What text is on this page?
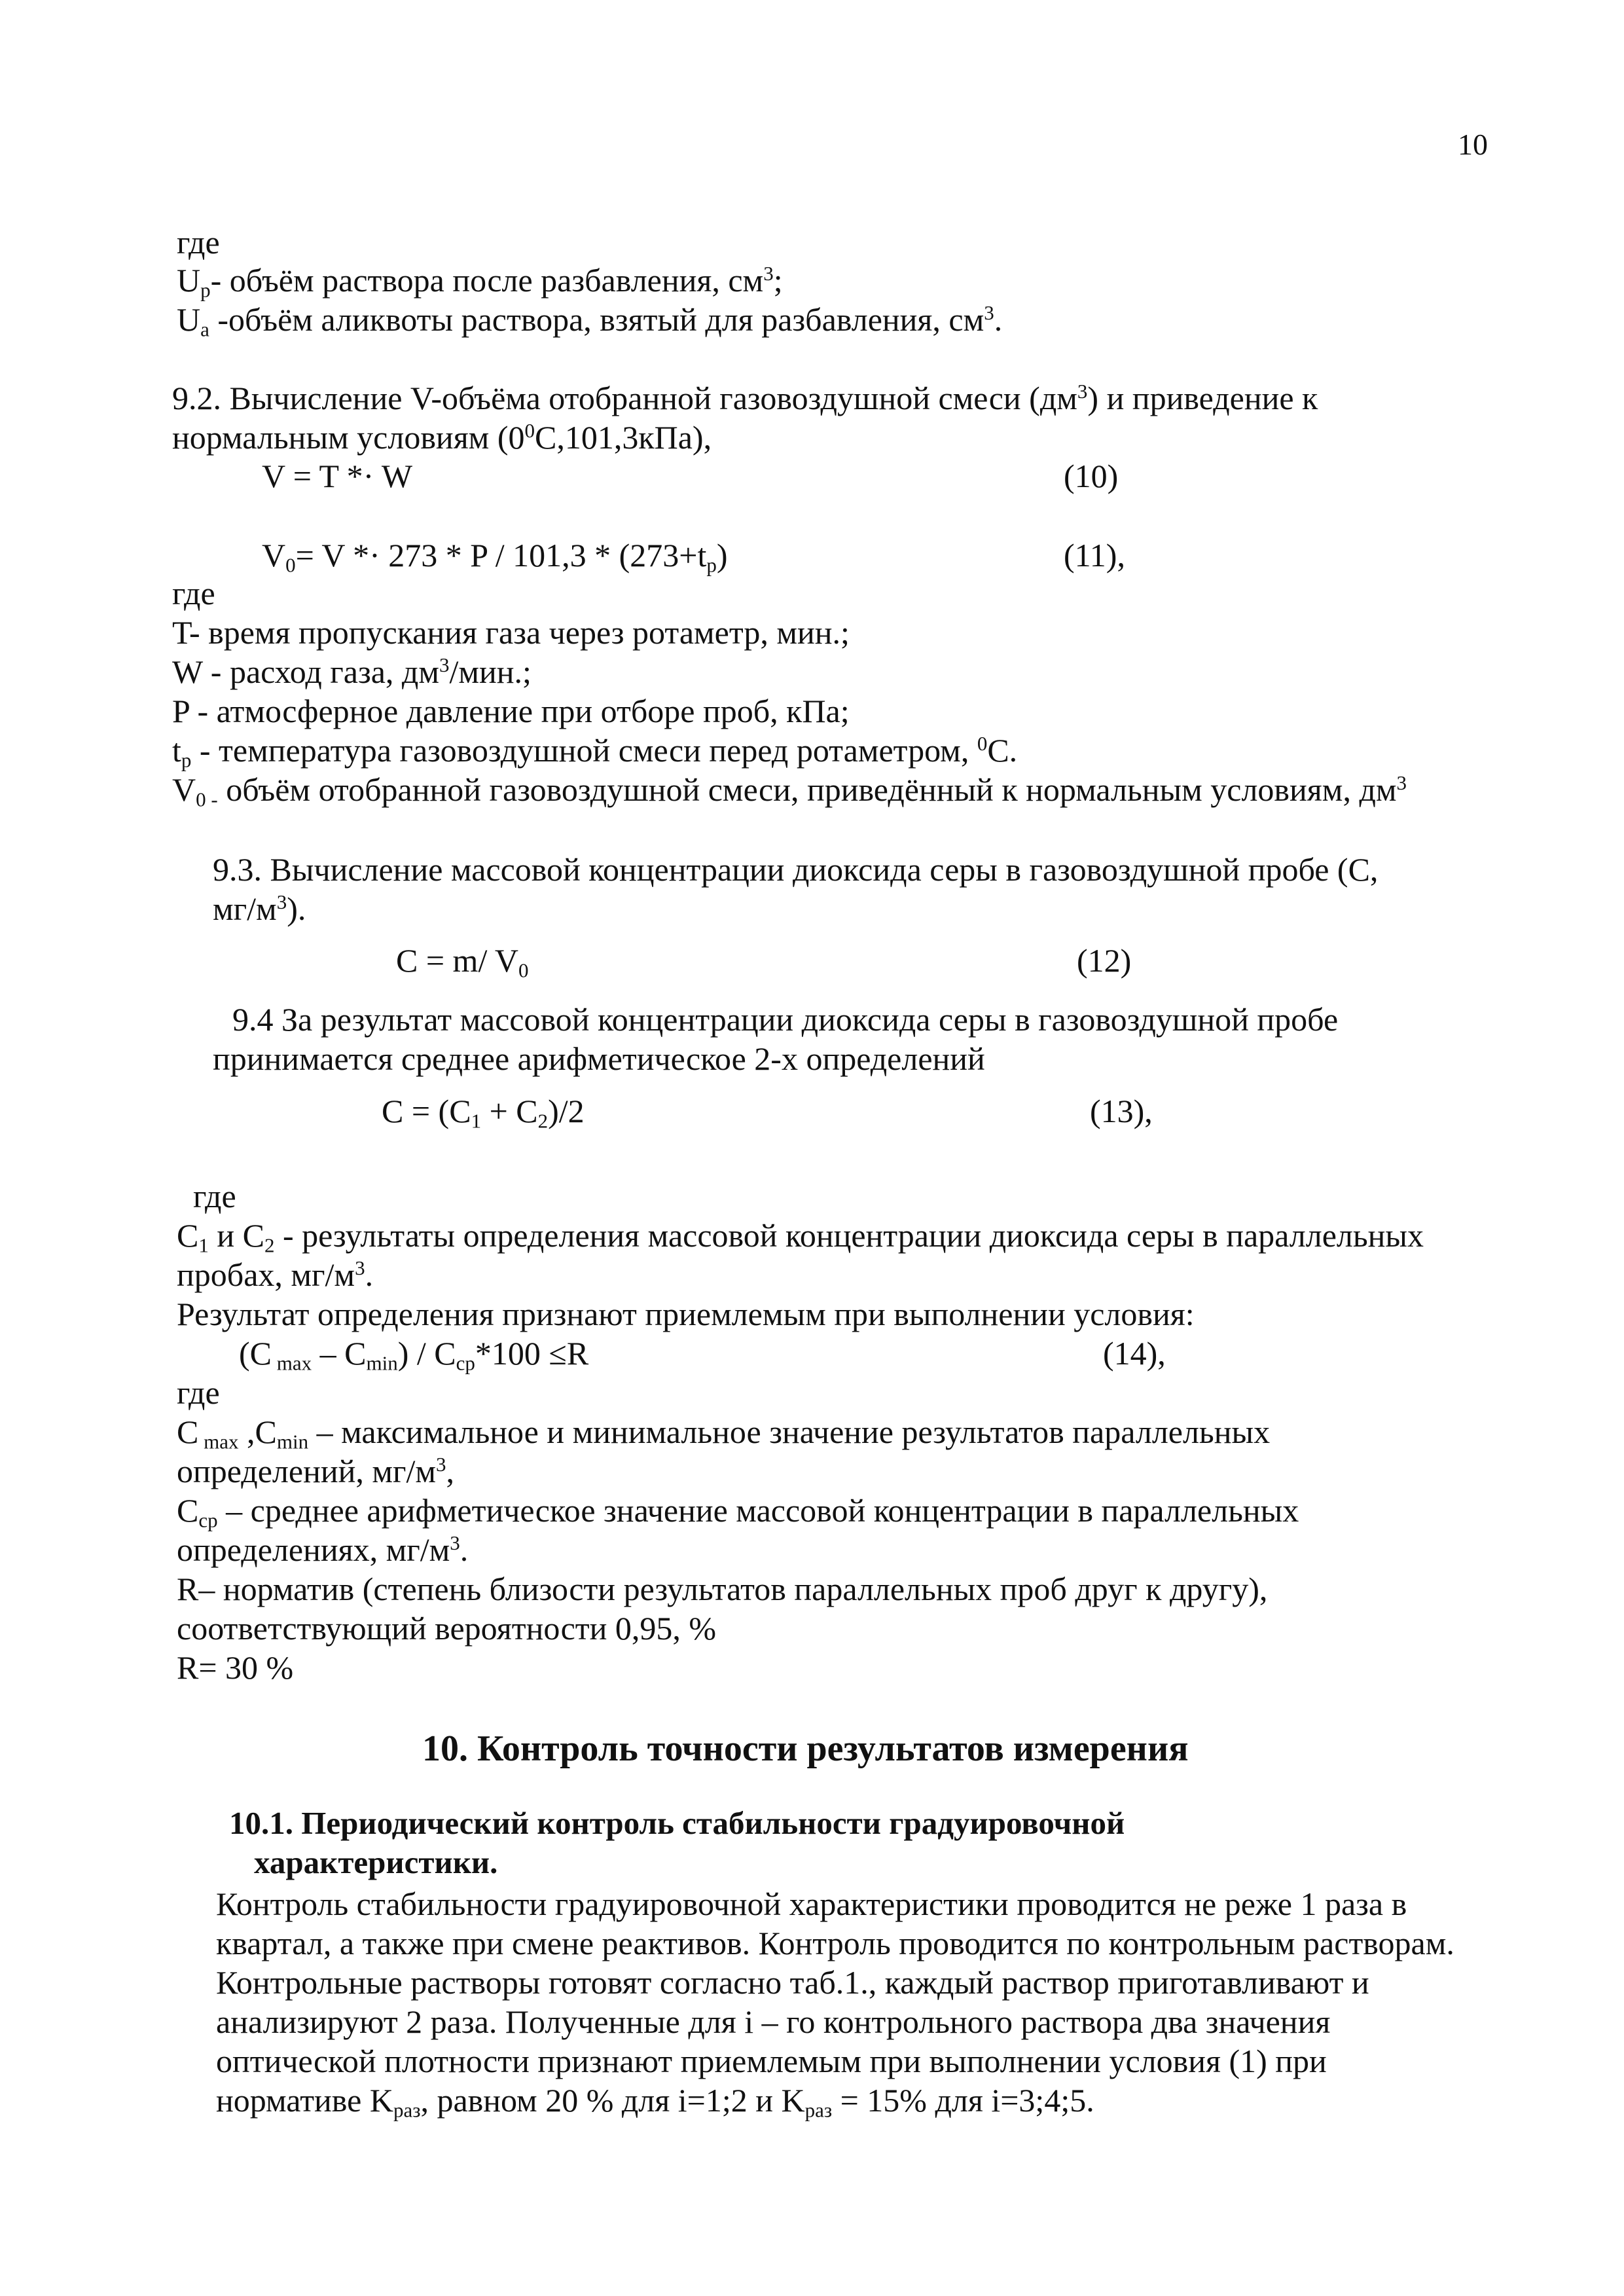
10
где
$U_p-$ объём раствора после разбавления, $см^3$;
$U_a$ -объём аликвоты раствора, взятый для разбавления, $см^3$.
9.2. Вычисление V-объёма отобранной газовоздушной смеси $(дм^3)$ и приведение к
нормальным условиям $(0^0С,101,3кПа)$,
V = T *· W	(10)
$V_0= V *\cdot 273 * P / 101,3 * (273+t_p)$	(11),
где
T- время пропускания газа через ротаметр, мин.;
W - расход газа, $дм^3$/мин.;
P - атмосферное давление при отборе проб, кПа;
$t_p$ - температура газовоздушной смеси перед ротаметром, $^0$С.
$V_{0 -}$ объём отобранной газовоздушной смеси, приведённый к нормальным условиям, $дм^3$
9.3. Вычисление массовой концентрации диоксида серы в газовоздушной пробе (С,
$мг/м^3$).
C = m/ $V_0$	(12)
9.4 За результат массовой концентрации диоксида серы в газовоздушной пробе
принимается среднее арифметическое 2-х определений
$C = (C_1 + C_2)/2$	(13),
где
$C_1$ и $C_2$ - результаты определения массовой концентрации диоксида серы в параллельных
пробах, $мг/м^3$.
Результат определения признают приемлемым при выполнении условия:
(C $_{max} - C_{min}) / C_{cp}*100 \le R$	(14),
где
C $_{max}$ $,C_{min}$ – максимальное и минимальное значение результатов параллельных
определений, $мг/м^3$,
$C_{cp}$ – среднее арифметическое значение массовой концентрации в параллельных
определениях, $мг/м^3$.
R– норматив (степень близости результатов параллельных проб друг к другу),
соответствующий вероятности 0,95, %
R= 30 %
10. Контроль точности результатов измерения
10.1. Периодический контроль стабильности градуировочной
характеристики.
Контроль стабильности градуировочной характеристики проводится не реже 1 раза в
квартал, а также при смене реактивов. Контроль проводится по контрольным растворам.
Контрольные растворы готовят согласно таб.1., каждый раствор приготавливают и
анализируют 2 раза. Полученные для i – го контрольного раствора два значения
оптической плотности признают приемлемым при выполнении условия (1) при
нормативе $K_{раз}$, равном 20 % для i=1;2 и $K_{раз} = 15\%$ для i=3;4;5.
